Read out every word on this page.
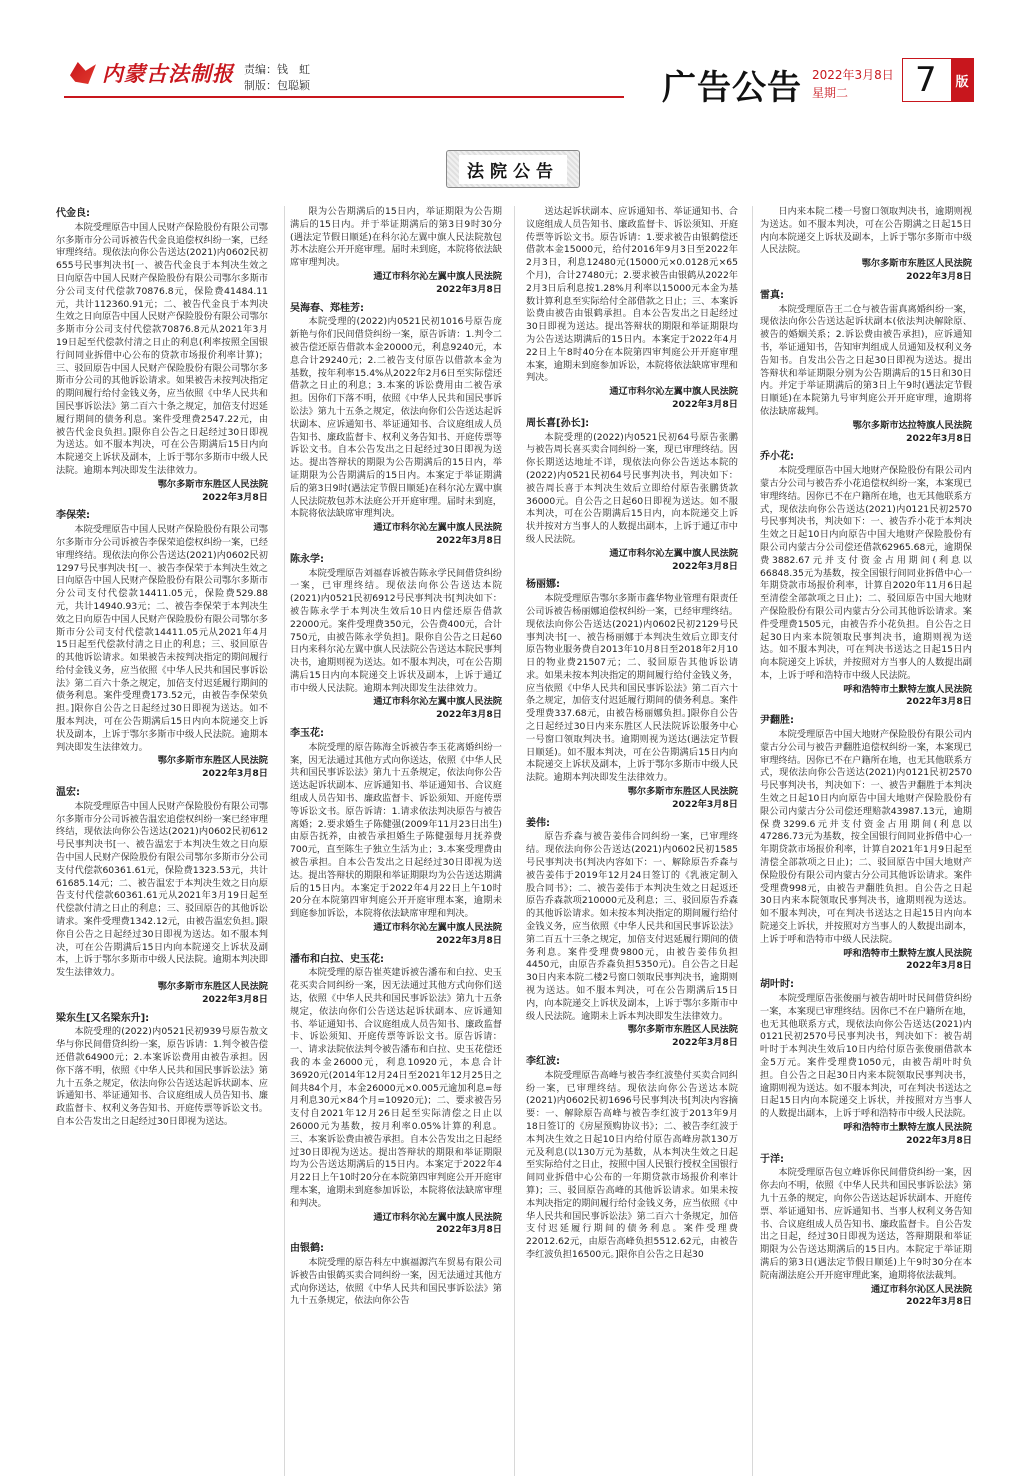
内蒙古法制报 责编：钱　虹
制版：包聪颖	广告公告 2022年3月8日
星期二	7	版
法院公告
代金良:

本院受理原告中国人民财产保险股份有限公司鄂尔多斯市分公司诉被告代金良追偿权纠纷一案，已经审理终结。现依法向你公告送达(2021)内0602民初655号民事判决书[一、被告代金良于本判决生效之日向原告中国人民财产保险股份有限公司鄂尔多斯市分公司支付代偿款70876.8元，保险费41484.11元，共计112360.91元；二、被告代金良于本判决生效之日向原告中国人民财产保险股份有限公司鄂尔多斯市分公司支付代偿款70876.8元从2021年3月19日起至代偿款付清之日止的利息(利率按照全国银行间同业拆借中心公布的贷款市场报价利率计算)；三、驳回原告中国人民财产保险股份有限公司鄂尔多斯市分公司的其他诉讼请求。如果被告未按判决指定的期间履行给付金钱义务，应当依照《中华人民共和国民事诉讼法》第二百六十条之规定，加倍支付迟延履行期间的债务利息。案件受理费2547.22元，由被告代金良负担。]限你自公告之日起经过30日即视为送达。如不服本判决，可在公告期满后15日内向本院递交上诉状及副本，上诉于鄂尔多斯市中级人民法院。逾期本判决即发生法律效力。

鄂尔多斯市东胜区人民法院
2022年3月8日
李保荣:

本院受理原告中国人民财产保险股份有限公司鄂尔多斯市分公司诉被告李保荣追偿权纠纷一案，已经审理终结。现依法向你公告送达(2021)内0602民初1297号民事判决书[一、被告李保荣于本判决生效之日向原告中国人民财产保险股份有限公司鄂尔多斯市分公司支付代偿款14411.05元，保险费529.88元，共计14940.93元；二、被告李保荣于本判决生效之日向原告中国人民财产保险股份有限公司鄂尔多斯市分公司支付代偿款14411.05元从2021年4月15日起至代偿款付清之日止的利息；三、驳回原告的其他诉讼请求。如果被告未按判决指定的期间履行给付金钱义务，应当依照《中华人民共和国民事诉讼法》第二百六十条之规定，加倍支付迟延履行期间的债务利息。案件受理费173.52元，由被告李保荣负担。]限你自公告之日起经过30日即视为送达。如不服本判决，可在公告期满后15日内向本院递交上诉状及副本，上诉于鄂尔多斯市中级人民法院。逾期本判决即发生法律效力。

鄂尔多斯市东胜区人民法院
2022年3月8日
温宏:

本院受理原告中国人民财产保险股份有限公司鄂尔多斯市分公司诉被告温宏追偿权纠纷一案已经审理终结，现依法向你公告送达(2021)内0602民初612号民事判决书[一、被告温宏于本判决生效之日向原告中国人民财产保险股份有限公司鄂尔多斯市分公司支付代偿款60361.61元，保险费1323.53元，共计61685.14元；二、被告温宏于本判决生效之日向原告支付代偿款60361.61元从2021年3月19日起至代偿款付清之日止的利息；三、驳回原告的其他诉讼请求。案件受理费1342.12元，由被告温宏负担。]限你自公告之日起经过30日即视为送达。如不服本判决，可在公告期满后15日内向本院递交上诉状及副本，上诉于鄂尔多斯市中级人民法院。逾期本判决即发生法律效力。

鄂尔多斯市东胜区人民法院
2022年3月8日
梁东生[又名梁东升]:

本院受理的(2022)内0521民初939号原告敖文华与你民间借贷纠纷一案，原告诉请：1.判令被告偿还借款64900元；2.本案诉讼费用由被告承担。因你下落不明，依照《中华人民共和国民事诉讼法》第九十五条之规定，依法向你公告送达起诉状副本、应诉通知书、举证通知书、合议庭组成人员告知书、廉政监督卡、权利义务告知书、开庭传票等诉讼文书。自本公告发出之日起经过30日即视为送达。

限为公告期满后的15日内，举证期限为公告期满后的15日内。并于举证期满后的第3日9时30分(遇法定节假日顺延)在科尔沁左翼中旗人民法院敖包苏木法庭公开开庭审理。届时未到庭，本院将依法缺席审理判决。

通辽市科尔沁左翼中旗人民法院
2022年3月8日
吴海春、郑桂芳:

本院受理的(2022)内0521民初1016号原告庞新艳与你们民间借贷纠纷一案，原告诉请：1.判令二被告偿还原告借款本金20000元，利息9240元，本息合计29240元；2.二被告支付原告以借款本金为基数，按年利率15.4%从2022年2月6日至实际偿还借款之日止的利息；3.本案的诉讼费用由二被告承担。因你们下落不明，依照《中华人民共和国民事诉讼法》第九十五条之规定，依法向你们公告送达起诉状副本、应诉通知书、举证通知书、合议庭组成人员告知书、廉政监督卡、权利义务告知书、开庭传票等诉讼文书。自本公告发出之日起经过30日即视为送达。提出答辩状的期限为公告期满后的15日内，举证期限为公告期满后的15日内。本案定于举证期满后的第3日9时(遇法定节假日顺延)在科尔沁左翼中旗人民法院敖包苏木法庭公开开庭审理。届时未到庭，本院将依法缺席审理判决。

通辽市科尔沁左翼中旗人民法院
2022年3月8日
陈永学:

本院受理原告刘福春诉被告陈永学民间借贷纠纷一案，已审理终结。现依法向你公告送达本院(2021)内0521民初6912号民事判决书[判决如下：被告陈永学于本判决生效后10日内偿还原告借款22000元。案件受理费350元，公告费400元，合计750元，由被告陈永学负担]。限你自公告之日起60日内来科尔沁左翼中旗人民法院公告送达本院民事判决书，逾期则视为送达。如不服本判决，可在公告期满后15日内向本院递交上诉状及副本，上诉于通辽市中级人民法院。逾期本判决即发生法律效力。

通辽市科尔沁左翼中旗人民法院
2022年3月8日
李玉花:

本院受理的原告陈海全诉被告李玉花离婚纠纷一案，因无法通过其他方式向你送达，依照《中华人民共和国民事诉讼法》第九十五条规定，依法向你公告送达起诉状副本、应诉通知书、举证通知书、合议庭组成人员告知书、廉政监督卡、诉讼须知、开庭传票等诉讼文书。原告诉请：1.请求依法判决原告与被告离婚；2.要求婚生子陈健强(2009年11月23日出生)由原告抚养，由被告承担婚生子陈健强每月抚养费700元，直至陈生子独立生活为止；3.本案受理费由被告承担。自本公告发出之日起经过30日即视为送达。提出答辩状的期限和举证期限均为公告送达期满后的15日内。本案定于2022年4月22日上午10时20分在本院第四审判庭公开开庭审理本案，逾期未到庭参加诉讼，本院将依法缺席审理和判决。

通辽市科尔沁左翼中旗人民法院
2022年3月8日
潘布和白拉、史玉花:

本院受理的原告崔英建诉被告潘布和白拉、史玉花买卖合同纠纷一案，因无法通过其他方式向你们送达，依照《中华人民共和国民事诉讼法》第九十五条规定，依法向你们公告送达起诉状副本、应诉通知书、举证通知书、合议庭组成人员告知书、廉政监督卡、诉讼须知、开庭传票等诉讼文书。原告诉请：一、请求法院依法判令被告潘布和白拉、史玉花偿还我的本金26000元，利息10920元，本息合计36920元(2014年12月24日至2021年12月25日之间共84个月，本金26000元×0.005元逾加利息=每月利息30元×84个月=10920元)；二、要求被告另支付自2021年12月26日起至实际清偿之日止以26000元为基数，按月利率0.05%计算的利息。三、本案诉讼费由被告承担。自本公告发出之日起经过30日即视为送达。提出答辩状的期限和举证期限均为公告送达期满后的15日内。本案定于2022年4月22日上午10时20分在本院第四审判庭公开开庭审理本案，逾期未到庭参加诉讼，本院将依法缺席审理和判决。

通辽市科尔沁左翼中旗人民法院
2022年3月8日
由银鹤:

本院受理的原告科左中旗福源汽车贸易有限公司诉被告由银鹤买卖合同纠纷一案，因无法通过其他方式向你送达，依照《中华人民共和国民事诉讼法》第九十五条规定，依法向你公告

送达起诉状副本、应诉通知书、举证通知书、合议庭组成人员告知书、廉政监督卡、诉讼须知、开庭传票等诉讼文书。原告诉请：1.要求被告由银鹤偿还借款本金15000元，给付2016年9月3日至2022年2月3日，利息12480元(15000元×0.0128元×65个月)，合计27480元；2.要求被告由银鹤从2022年2月3日后利息按1.28%月利率以15000元本金为基数计算利息至实际给付全部借款之日止；三、本案诉讼费由被告由银鹤承担。自本公告发出之日起经过30日即视为送达。提出答辩状的期限和举证期限均为公告送达期满后的15日内。本案定于2022年4月22日上午8时40分在本院第四审判庭公开开庭审理本案，逾期未到庭参加诉讼，本院将依法缺席审理和判决。

通辽市科尔沁左翼中旗人民法院
2022年3月8日
周长喜[孙长]:

本院受理的(2022)内0521民初64号原告张鹏与被告周长喜买卖合同纠纷一案，现已审理终结。因你长期送达地址不详，现依法向你公告送达本院的(2022)内0521民初64号民事判决书，判决如下：被告周长喜于本判决生效后立即给付原告张鹏货款36000元。自公告之日起60日即视为送达。如不服本判决，可在公告期满后15日内，向本院递交上诉状并按对方当事人的人数提出副本，上诉于通辽市中级人民法院。

通辽市科尔沁左翼中旗人民法院
2022年3月8日
杨丽娜:

本院受理原告鄂尔多斯市鑫华物业管理有限责任公司诉被告杨丽娜追偿权纠纷一案，已经审理终结。现依法向你公告送达(2021)内0602民初2129号民事判决书[一、被告杨丽娜于本判决生效后立即支付原告物业服务费自2013年10月8日至2018年2月10日的物业费21507元；二、驳回原告其他诉讼请求。如果未按本判决指定的期间履行给付金钱义务，应当依照《中华人民共和国民事诉讼法》第二百六十条之规定，加倍支付迟延履行期间的债务利息。案件受理费337.68元，由被告杨丽娜负担。]限你自公告之日起经过30日内来东胜区人民法院诉讼服务中心一号窗口领取判决书。逾期则视为送达(遇法定节假日顺延)。如不服本判决，可在公告期满后15日内向本院递交上诉状及副本，上诉于鄂尔多斯市中级人民法院。逾期本判决即发生法律效力。

鄂尔多斯市东胜区人民法院
2022年3月8日
姜伟:

原告乔森与被告姜伟合同纠纷一案，已审理终结。现依法向你公告送达(2021)内0602民初1585号民事判决书(判决内容如下：一、解除原告乔森与被告姜伟于2019年12月24日签订的《乳液定制入股合同书》；二、被告姜伟于本判决生效之日起返还原告乔森款项210000元及利息；三、驳回原告乔森的其他诉讼请求。如未按本判决指定的期间履行给付金钱义务，应当依照《中华人民共和国民事诉讼法》第二百五十三条之规定，加倍支付迟延履行期间的债务利息。案件受理费9800元，由被告姜伟负担4450元，由原告乔森负担5350元)。自公告之日起30日内来本院二楼2号窗口领取民事判决书，逾期则视为送达。如不服本判决，可在公告期满后15日内，向本院递交上诉状及副本，上诉于鄂尔多斯市中级人民法院。逾期未上诉本判决即发生法律效力。

鄂尔多斯市东胜区人民法院
2022年3月8日
李红波:

本院受理原告高峰与被告李红波垫付买卖合同纠纷一案，已审理终结。现依法向你公告送达本院(2021)内0602民初1696号民事判决书[判决内容摘要：一、解除原告高峰与被告李红波于2013年9月18日签订的《房屋预购协议书》；二、被告李红波于本判决生效之日起10日内给付原告高峰房款130万元及利息(以130万元为基数，从本判决生效之日起至实际给付之日止，按照中国人民银行授权全国银行间同业拆借中心公布的一年期贷款市场报价利率计算)；三、驳回原告高峰的其他诉讼请求。如果未按本判决指定的期间履行给付金钱义务，应当依照《中华人民共和国民事诉讼法》第二百六十条规定，加倍支付迟延履行期间的债务利息。案件受理费22012.62元，由原告高峰负担5512.62元，由被告李红波负担16500元。]限你自公告之日起30

日内来本院二楼一号窗口领取判决书，逾期则视为送达。如不服本判决，可在公告期满之日起15日内向本院递交上诉状及副本，上诉于鄂尔多斯市中级人民法院。

鄂尔多斯市东胜区人民法院
2022年3月8日
雷真:

本院受理原告王二仓与被告雷真离婚纠纷一案，现依法向你公告送达起诉状副本(依法判决解除原、被告的婚姻关系；2.诉讼费由被告承担)，应诉通知书，举证通知书，告知审判组成人员通知及权利义务告知书。自发出公告之日起30日即视为送达。提出答辩状和举证期限分别为公告期满后的15日和30日内。并定于举证期满后的第3日上午9时(遇法定节假日顺延)在本院第九号审判庭公开开庭审理，逾期将依法缺席裁判。

鄂尔多斯市达拉特旗人民法院
2022年3月8日
乔小花:

本院受理原告中国大地财产保险股份有限公司内蒙古分公司与被告乔小花追偿权纠纷一案，本案现已审理终结。因你已不在户籍所在地，也无其他联系方式，现依法向你公告送达(2021)内0121民初2570号民事判决书，判决如下：一、被告乔小花于本判决生效之日起10日内向原告中国大地财产保险股份有限公司内蒙古分公司偿还借款62965.68元，逾期保费3882.67元并支付资金占用期间(利息以66848.35元为基数，按全国银行间同业拆借中心一年期贷款市场报价利率，计算自2020年11月6日起至清偿全部款项之日止)；二、驳回原告中国大地财产保险股份有限公司内蒙古分公司其他诉讼请求。案件受理费1505元，由被告乔小花负担。自公告之日起30日内来本院领取民事判决书，逾期则视为送达。如不服本判决，可在判决书送达之日起15日内向本院递交上诉状，并按照对方当事人的人数提出副本，上诉于呼和浩特市中级人民法院。

呼和浩特市土默特左旗人民法院
2022年3月8日
尹翻胜:

本院受理原告中国大地财产保险股份有限公司内蒙古分公司与被告尹翻胜追偿权纠纷一案，本案现已审理终结。因你已不在户籍所在地，也无其他联系方式，现依法向你公告送达(2021)内0121民初2570号民事判决书，判决如下：一、被告尹翻胜于本判决生效之日起10日内向原告中国大地财产保险股份有限公司内蒙古分公司偿还理赔款43987.13元，逾期保费3299.6元并支付资金占用期间(利息以47286.73元为基数，按全国银行间同业拆借中心一年期贷款市场报价利率，计算自2021年1月9日起至清偿全部款项之日止)；二、驳回原告中国大地财产保险股份有限公司内蒙古分公司其他诉讼请求。案件受理费998元，由被告尹翻胜负担。自公告之日起30日内来本院领取民事判决书，逾期则视为送达。如不服本判决，可在判决书送达之日起15日内向本院递交上诉状，并按照对方当事人的人数提出副本，上诉于呼和浩特市中级人民法院。

呼和浩特市土默特左旗人民法院
2022年3月8日
胡叶时:

本院受理原告张俊丽与被告胡叶时民间借贷纠纷一案，本案现已审理终结。因你已不在户籍所在地，也无其他联系方式，现依法向你公告送达(2021)内0121民初2570号民事判决书，判决如下：被告胡叶时于本判决生效后10日内给付原告张俊丽借款本金5万元。案件受理费1050元，由被告胡叶时负担。自公告之日起30日内来本院领取民事判决书，逾期则视为送达。如不服本判决，可在判决书送达之日起15日内向本院递交上诉状，并按照对方当事人的人数提出副本，上诉于呼和浩特市中级人民法院。

呼和浩特市土默特左旗人民法院
2022年3月8日
于洋:

本院受理原告包立峰诉你民间借贷纠纷一案，因你去向不明，依照《中华人民共和国民事诉讼法》第九十五条的规定，向你公告送达起诉状副本、开庭传票、举证通知书、应诉通知书、当事人权利义务告知书、合议庭组成人员告知书、廉政监督卡。自公告发出之日起，经过30日即视为送达，答辩期限和举证期限为公告送达期满后的15日内。本院定于举证期满后的第3日(遇法定节假日顺延)上午9时30分在本院南湖法庭公开开庭审理此案，逾期将依法裁判。

通辽市科尔沁区人民法院
2022年3月8日
